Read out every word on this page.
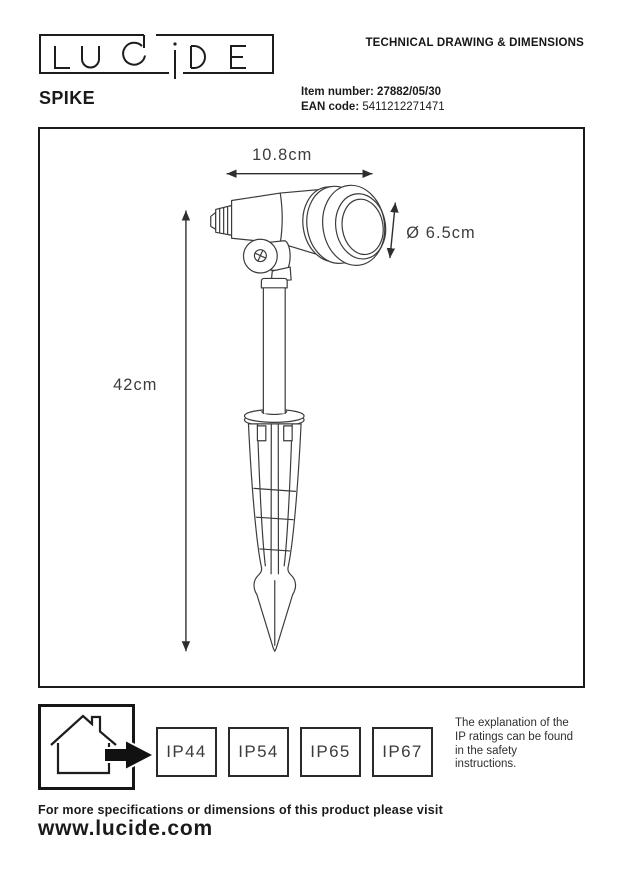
TECHNICAL DRAWING & DIMENSIONS
SPIKE	Item number: 27882/05/30
EAN code: 5411212271471
10.8cm
42cm
Ø 6.5cm
IP44	IP54	IP65	IP67
The explanation of the
IP ratings can be found
in the safety
instructions.
For more specifications or dimensions of this product please visit
www.lucide.com
